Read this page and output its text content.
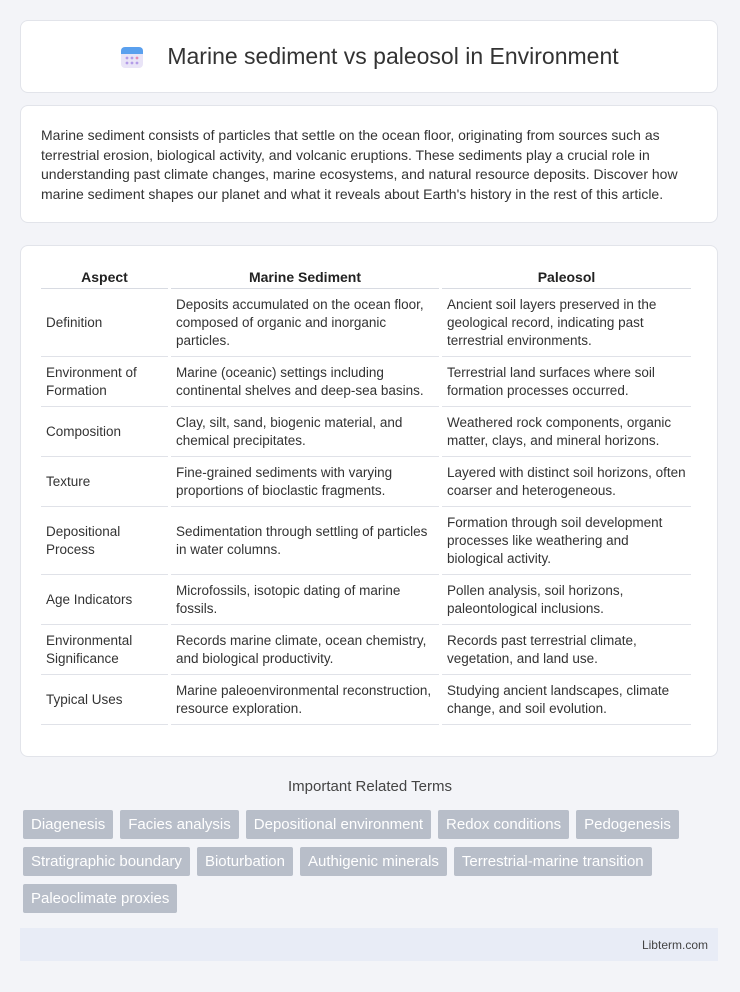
Marine sediment vs paleosol in Environment

Marine sediment consists of particles that settle on the ocean floor, originating from sources such as terrestrial erosion, biological activity, and volcanic eruptions. These sediments play a crucial role in understanding past climate changes, marine ecosystems, and natural resource deposits. Discover how marine sediment shapes our planet and what it reveals about Earth's history in the rest of this article.

Aspect	Marine Sediment	Paleosol
Definition	Deposits accumulated on the ocean floor, composed of organic and inorganic particles.	Ancient soil layers preserved in the geological record, indicating past terrestrial environments.
Environment of Formation	Marine (oceanic) settings including continental shelves and deep-sea basins.	Terrestrial land surfaces where soil formation processes occurred.
Composition	Clay, silt, sand, biogenic material, and chemical precipitates.	Weathered rock components, organic matter, clays, and mineral horizons.
Texture	Fine-grained sediments with varying proportions of bioclastic fragments.	Layered with distinct soil horizons, often coarser and heterogeneous.
Depositional Process	Sedimentation through settling of particles in water columns.	Formation through soil development processes like weathering and biological activity.
Age Indicators	Microfossils, isotopic dating of marine fossils.	Pollen analysis, soil horizons, paleontological inclusions.
Environmental Significance	Records marine climate, ocean chemistry, and biological productivity.	Records past terrestrial climate, vegetation, and land use.
Typical Uses	Marine paleoenvironmental reconstruction, resource exploration.	Studying ancient landscapes, climate change, and soil evolution.
Important Related Terms
Diagenesis	Facies analysis	Depositional environment	Redox conditions	Pedogenesis
Stratigraphic boundary	Bioturbation	Authigenic minerals	Terrestrial-marine transition
Paleoclimate proxies
Libterm.com
